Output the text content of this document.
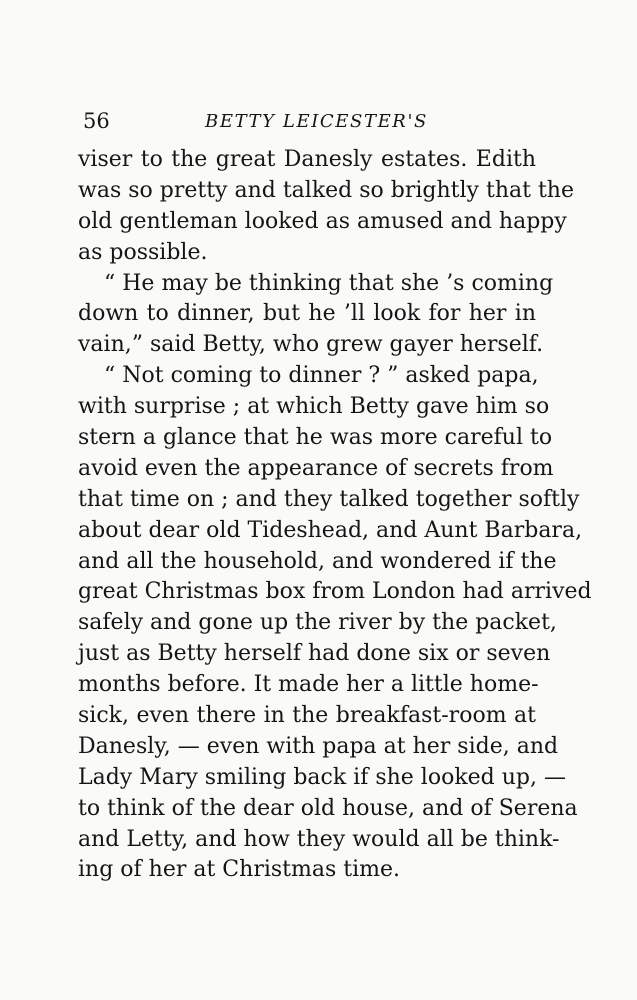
56	BETTY LEICESTER'S
viser to the great Danesly estates. Edith
was so pretty and talked so brightly that the
old gentleman looked as amused and happy
as possible.
“ He may be thinking that she ’s coming
down to dinner, but he ’ll look for her in
vain,” said Betty, who grew gayer herself.
“ Not coming to dinner ? ” asked papa,
with surprise ; at which Betty gave him so
stern a glance that he was more careful to
avoid even the appearance of secrets from
that time on ; and they talked together softly
about dear old Tideshead, and Aunt Barbara,
and all the household, and wondered if the
great Christmas box from London had arrived
safely and gone up the river by the packet,
just as Betty herself had done six or seven
months before. It made her a little home-
sick, even there in the breakfast-room at
Danesly, — even with papa at her side, and
Lady Mary smiling back if she looked up, —
to think of the dear old house, and of Serena
and Letty, and how they would all be think-
ing of her at Christmas time.
